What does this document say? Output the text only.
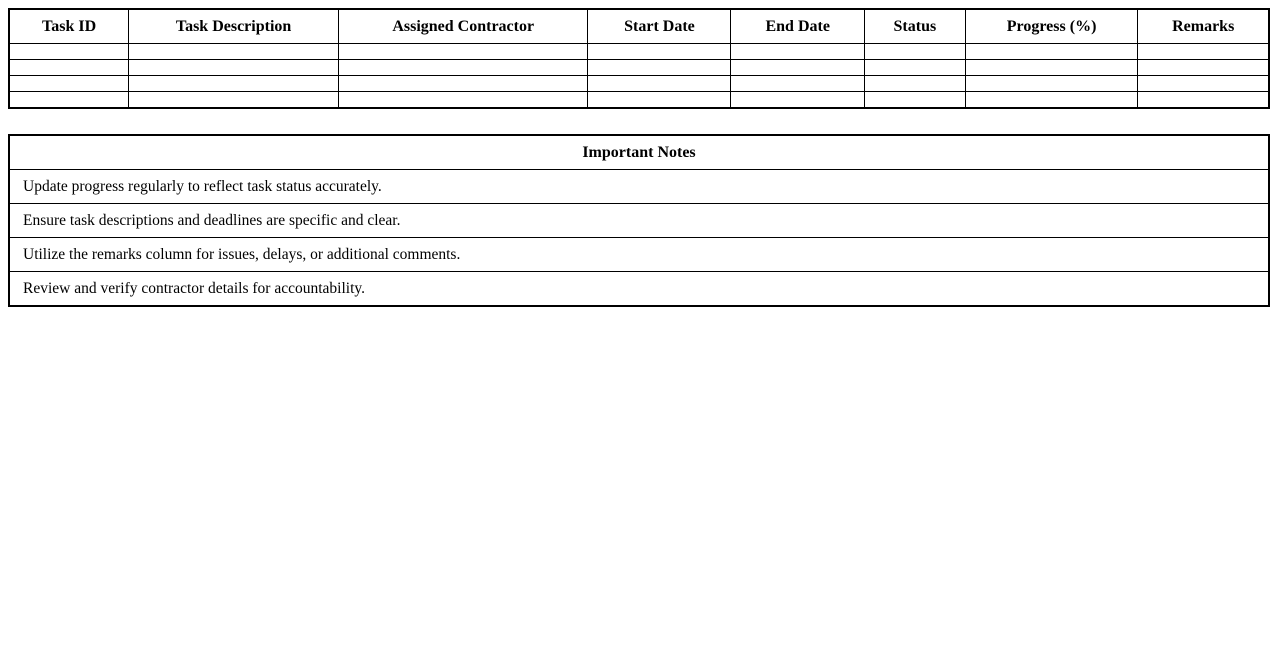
Task ID	Task Description	Assigned Contractor	Start Date	End Date	Status	Progress (%)	Remarks

Important Notes
Update progress regularly to reflect task status accurately.
Ensure task descriptions and deadlines are specific and clear.
Utilize the remarks column for issues, delays, or additional comments.
Review and verify contractor details for accountability.
